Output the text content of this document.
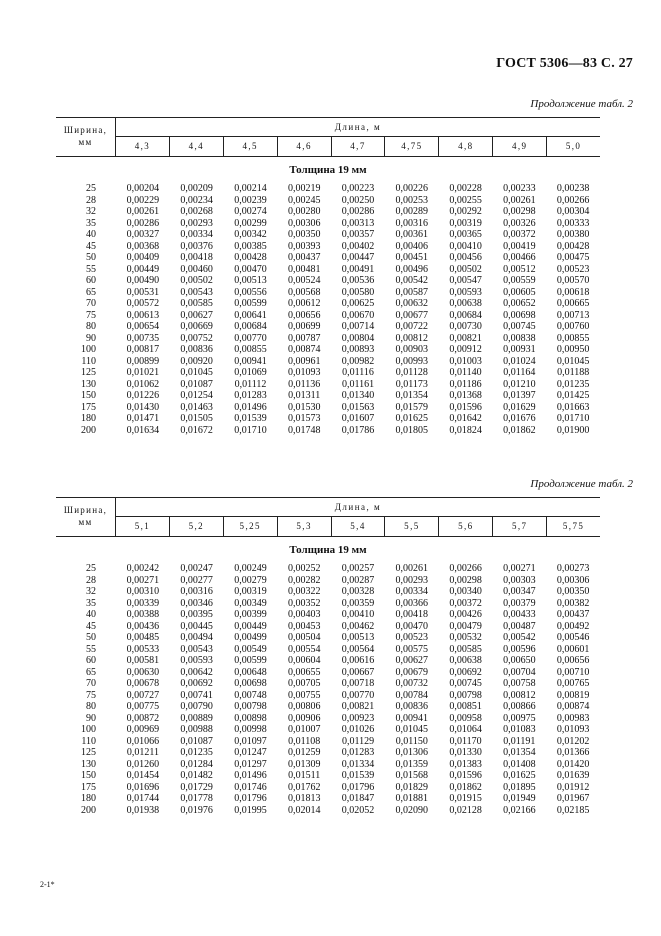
ГОСТ 5306—83 С. 27
Продолжение табл. 2
Ширина,
мм
Длина, м
4,3	4,4	4,5	4,6	4,7	4,75	4,8	4,9	5,0
Толщина 19 мм
25	0,00204	0,00209	0,00214	0,00219	0,00223	0,00226	0,00228	0,00233	0,00238
28	0,00229	0,00234	0,00239	0,00245	0,00250	0,00253	0,00255	0,00261	0,00266
32	0,00261	0,00268	0,00274	0,00280	0,00286	0,00289	0,00292	0,00298	0,00304
35	0,00286	0,00293	0,00299	0,00306	0,00313	0,00316	0,00319	0,00326	0,00333
40	0,00327	0,00334	0,00342	0,00350	0,00357	0,00361	0,00365	0,00372	0,00380
45	0,00368	0,00376	0,00385	0,00393	0,00402	0,00406	0,00410	0,00419	0,00428
50	0,00409	0,00418	0,00428	0,00437	0,00447	0,00451	0,00456	0,00466	0,00475
55	0,00449	0,00460	0,00470	0,00481	0,00491	0,00496	0,00502	0,00512	0,00523
60	0,00490	0,00502	0,00513	0,00524	0,00536	0,00542	0,00547	0,00559	0,00570
65	0,00531	0,00543	0,00556	0,00568	0,00580	0,00587	0,00593	0,00605	0,00618
70	0,00572	0,00585	0,00599	0,00612	0,00625	0,00632	0,00638	0,00652	0,00665
75	0,00613	0,00627	0,00641	0,00656	0,00670	0,00677	0,00684	0,00698	0,00713
80	0,00654	0,00669	0,00684	0,00699	0,00714	0,00722	0,00730	0,00745	0,00760
90	0,00735	0,00752	0,00770	0,00787	0,00804	0,00812	0,00821	0,00838	0,00855
100	0,00817	0,00836	0,00855	0,00874	0,00893	0,00903	0,00912	0,00931	0,00950
110	0,00899	0,00920	0,00941	0,00961	0,00982	0,00993	0,01003	0,01024	0,01045
125	0,01021	0,01045	0,01069	0,01093	0,01116	0,01128	0,01140	0,01164	0,01188
130	0,01062	0,01087	0,01112	0,01136	0,01161	0,01173	0,01186	0,01210	0,01235
150	0,01226	0,01254	0,01283	0,01311	0,01340	0,01354	0,01368	0,01397	0,01425
175	0,01430	0,01463	0,01496	0,01530	0,01563	0,01579	0,01596	0,01629	0,01663
180	0,01471	0,01505	0,01539	0,01573	0,01607	0,01625	0,01642	0,01676	0,01710
200	0,01634	0,01672	0,01710	0,01748	0,01786	0,01805	0,01824	0,01862	0,01900
Продолжение табл. 2
Ширина,
мм
Длина, м
5,1	5,2	5,25	5,3	5,4	5,5	5,6	5,7	5,75
Толщина 19 мм
25	0,00242	0,00247	0,00249	0,00252	0,00257	0,00261	0,00266	0,00271	0,00273
28	0,00271	0,00277	0,00279	0,00282	0,00287	0,00293	0,00298	0,00303	0,00306
32	0,00310	0,00316	0,00319	0,00322	0,00328	0,00334	0,00340	0,00347	0,00350
35	0,00339	0,00346	0,00349	0,00352	0,00359	0,00366	0,00372	0,00379	0,00382
40	0,00388	0,00395	0,00399	0,00403	0,00410	0,00418	0,00426	0,00433	0,00437
45	0,00436	0,00445	0,00449	0,00453	0,00462	0,00470	0,00479	0,00487	0,00492
50	0,00485	0,00494	0,00499	0,00504	0,00513	0,00523	0,00532	0,00542	0,00546
55	0,00533	0,00543	0,00549	0,00554	0,00564	0,00575	0,00585	0,00596	0,00601
60	0,00581	0,00593	0,00599	0,00604	0,00616	0,00627	0,00638	0,00650	0,00656
65	0,00630	0,00642	0,00648	0,00655	0,00667	0,00679	0,00692	0,00704	0,00710
70	0,00678	0,00692	0,00698	0,00705	0,00718	0,00732	0,00745	0,00758	0,00765
75	0,00727	0,00741	0,00748	0,00755	0,00770	0,00784	0,00798	0,00812	0,00819
80	0,00775	0,00790	0,00798	0,00806	0,00821	0,00836	0,00851	0,00866	0,00874
90	0,00872	0,00889	0,00898	0,00906	0,00923	0,00941	0,00958	0,00975	0,00983
100	0,00969	0,00988	0,00998	0,01007	0,01026	0,01045	0,01064	0,01083	0,01093
110	0,01066	0,01087	0,01097	0,01108	0,01129	0,01150	0,01170	0,01191	0,01202
125	0,01211	0,01235	0,01247	0,01259	0,01283	0,01306	0,01330	0,01354	0,01366
130	0,01260	0,01284	0,01297	0,01309	0,01334	0,01359	0,01383	0,01408	0,01420
150	0,01454	0,01482	0,01496	0,01511	0,01539	0,01568	0,01596	0,01625	0,01639
175	0,01696	0,01729	0,01746	0,01762	0,01796	0,01829	0,01862	0,01895	0,01912
180	0,01744	0,01778	0,01796	0,01813	0,01847	0,01881	0,01915	0,01949	0,01967
200	0,01938	0,01976	0,01995	0,02014	0,02052	0,02090	0,02128	0,02166	0,02185
2-1*
